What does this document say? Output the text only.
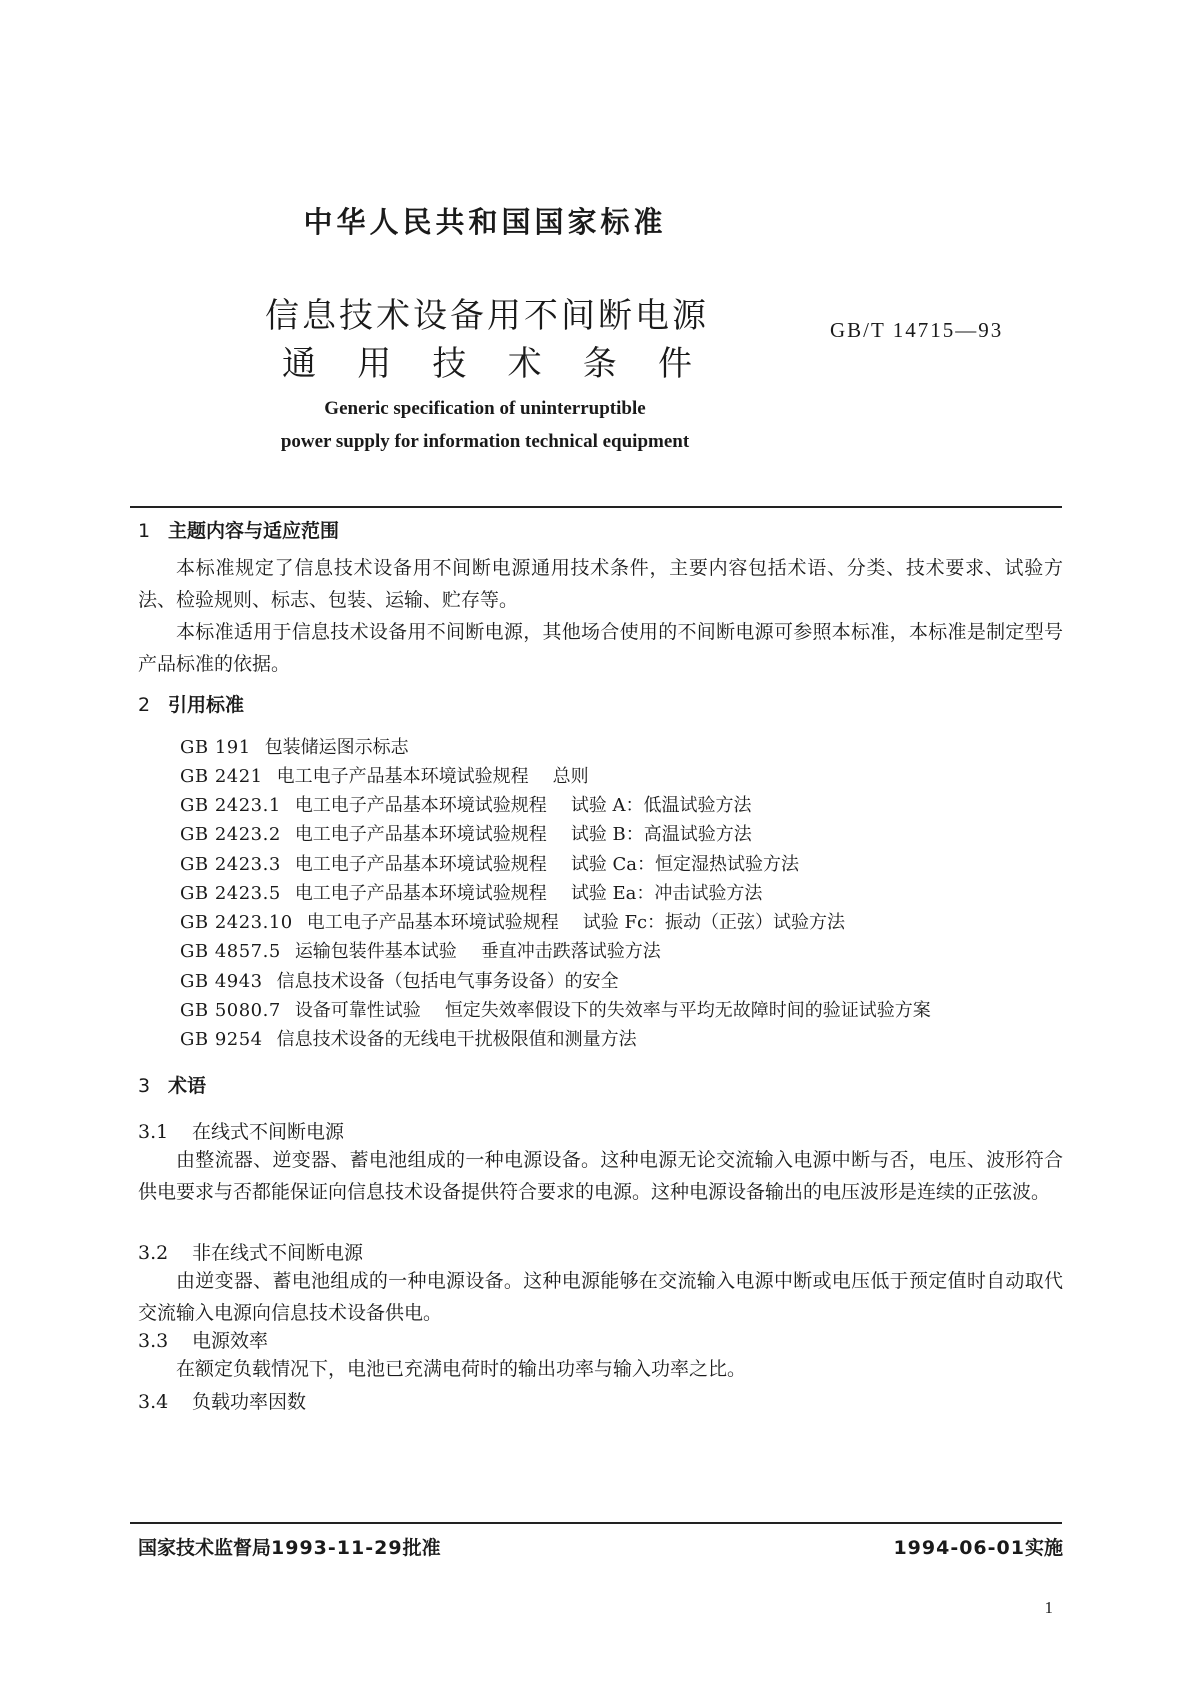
中华人民共和国国家标准
信息技术设备用不间断电源
通 用 技 术 条 件
GB/T 14715—93
Generic specification of uninterruptible
power supply for information technical equipment
1 主题内容与适应范围
本标准规定了信息技术设备用不间断电源通用技术条件，主要内容包括术语、分类、技术要求、试验方法、检验规则、标志、包装、运输、贮存等。
本标准适用于信息技术设备用不间断电源，其他场合使用的不间断电源可参照本标准，本标准是制定型号产品标准的依据。
2 引用标准
GB 191 包装储运图示标志
GB 2421 电工电子产品基本环境试验规程 总则
GB 2423.1 电工电子产品基本环境试验规程 试验 A：低温试验方法
GB 2423.2 电工电子产品基本环境试验规程 试验 B：高温试验方法
GB 2423.3 电工电子产品基本环境试验规程 试验 Ca：恒定湿热试验方法
GB 2423.5 电工电子产品基本环境试验规程 试验 Ea：冲击试验方法
GB 2423.10 电工电子产品基本环境试验规程 试验 Fc：振动（正弦）试验方法
GB 4857.5 运输包装件基本试验 垂直冲击跌落试验方法
GB 4943 信息技术设备（包括电气事务设备）的安全
GB 5080.7 设备可靠性试验 恒定失效率假设下的失效率与平均无故障时间的验证试验方案
GB 9254 信息技术设备的无线电干扰极限值和测量方法
3 术语
3.1 在线式不间断电源
由整流器、逆变器、蓄电池组成的一种电源设备。这种电源无论交流输入电源中断与否，电压、波形符合供电要求与否都能保证向信息技术设备提供符合要求的电源。这种电源设备输出的电压波形是连续的正弦波。
3.2 非在线式不间断电源
由逆变器、蓄电池组成的一种电源设备。这种电源能够在交流输入电源中断或电压低于预定值时自动取代交流输入电源向信息技术设备供电。
3.3 电源效率
在额定负载情况下，电池已充满电荷时的输出功率与输入功率之比。
3.4 负载功率因数
国家技术监督局1993-11-29批准	1994-06-01实施
1
